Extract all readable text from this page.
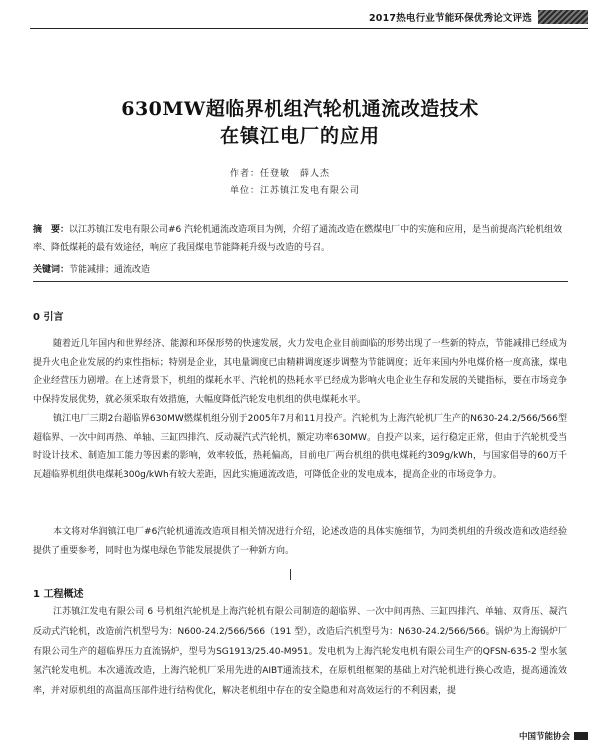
2017热电行业节能环保优秀论文评选
630MW超临界机组汽轮机通流改造技术
在镇江电厂的应用
作者：任登敏　薛人杰
单位：江苏镇江发电有限公司
摘　要：以江苏镇江发电有限公司#6 汽轮机通流改造项目为例，介绍了通流改造在燃煤电厂中的实施和应用，是当前提高汽轮机组效率、降低煤耗的最有效途径，响应了我国煤电节能降耗升级与改造的号召。
关键词：节能减排；通流改造
0 引言

随着近几年国内和世界经济、能源和环保形势的快速发展，火力发电企业目前面临的形势出现了一些新的特点，节能减排已经成为提升火电企业发展的约束性指标；特别是企业，其电量调度已由精耕调度逐步调整为节能调度；近年来国内外电煤价格一度高涨，煤电企业经营压力剧增。在上述背景下，机组的煤耗水平、汽轮机的热耗水平已经成为影响火电企业生存和发展的关键指标，要在市场竞争中保持发展优势，就必须采取有效措施，大幅度降低汽轮发电机组的供电煤耗水平。

镇江电厂三期2台超临界630MW燃煤机组分别于2005年7月和11月投产。汽轮机为上海汽轮机厂生产的N630-24.2/566/566型超临界、一次中间再热、单轴、三缸四排汽、反动凝汽式汽轮机，额定功率630MW。自投产以来，运行稳定正常，但由于汽轮机受当时设计技术、制造加工能力等因素的影响，效率较低，热耗偏高，目前电厂两台机组的供电煤耗约309g/kWh，与国家倡导的60万千瓦超临界机组供电煤耗300g/kWh有较大差距，因此实施通流改造，可降低企业的发电成本，提高企业的市场竞争力。

本文将对华润镇江电厂#6汽轮机通流改造项目相关情况进行介绍，论述改造的具体实施细节，为同类机组的升级改造和改造经验提供了重要参考，同时也为煤电绿色节能发展提供了一种新方向。

1 工程概述

江苏镇江发电有限公司 6 号机组汽轮机是上海汽轮机有限公司制造的超临界、一次中间再热、三缸四排汽、单轴、双背压、凝汽反动式汽轮机，改造前汽机型号为：N600-24.2/566/566（191 型），改造后汽机型号为：N630-24.2/566/566。锅炉为上海锅炉厂有限公司生产的超临界压力直流锅炉，型号为SG1913/25.40-M951。发电机为上海汽轮发电机有限公司生产的QFSN-635-2 型水氢氢汽轮发电机。本次通流改造，上海汽轮机厂采用先进的AIBT通流技术，在原机组框架的基础上对汽轮机进行换心改造，提高通流效率，并对原机组的高温高压部件进行结构优化，解决老机组中存在的安全隐患和对高效运行的不利因素，提

中国节能协会
